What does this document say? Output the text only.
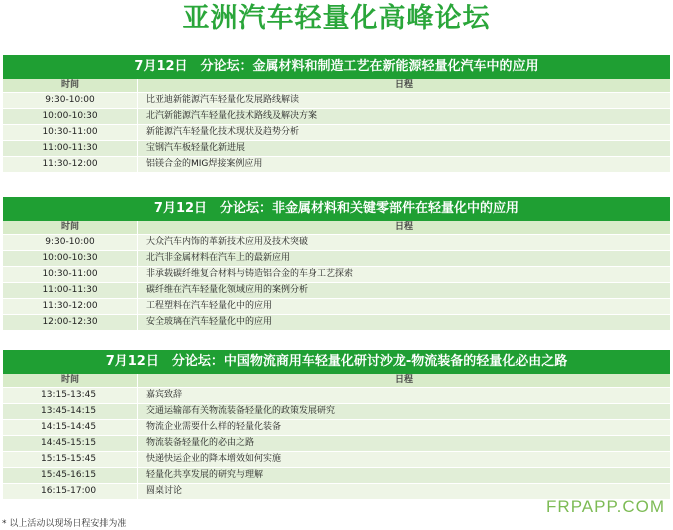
亚洲汽车轻量化高峰论坛
7月12日　分论坛：金属材料和制造工艺在新能源轻量化汽车中的应用
时间	日程
9:30-10:00	比亚迪新能源汽车轻量化发展路线解读
10:00-10:30	北汽新能源汽车轻量化技术路线及解决方案
10:30-11:00	新能源汽车轻量化技术现状及趋势分析
11:00-11:30	宝钢汽车板轻量化新进展
11:30-12:00	铝镁合金的MIG焊接案例应用
7月12日　分论坛：非金属材料和关键零部件在轻量化中的应用
时间	日程
9:30-10:00	大众汽车内饰的革新技术应用及技术突破
10:00-10:30	北汽非金属材料在汽车上的最新应用
10:30-11:00	非承载碳纤维复合材料与铸造铝合金的车身工艺探索
11:00-11:30	碳纤维在汽车轻量化领域应用的案例分析
11:30-12:00	工程塑料在汽车轻量化中的应用
12:00-12:30	安全玻璃在汽车轻量化中的应用
7月12日　分论坛：中国物流商用车轻量化研讨沙龙-物流装备的轻量化必由之路
时间	日程
13:15-13:45	嘉宾致辞
13:45-14:15	交通运输部有关物流装备轻量化的政策发展研究
14:15-14:45	物流企业需要什么样的轻量化装备
14:45-15:15	物流装备轻量化的必由之路
15:15-15:45	快递快运企业的降本增效如何实施
15:45-16:15	轻量化共享发展的研究与理解
16:15-17:00	圆桌讨论
FRPAPP.COM
* 以上活动以现场日程安排为准
